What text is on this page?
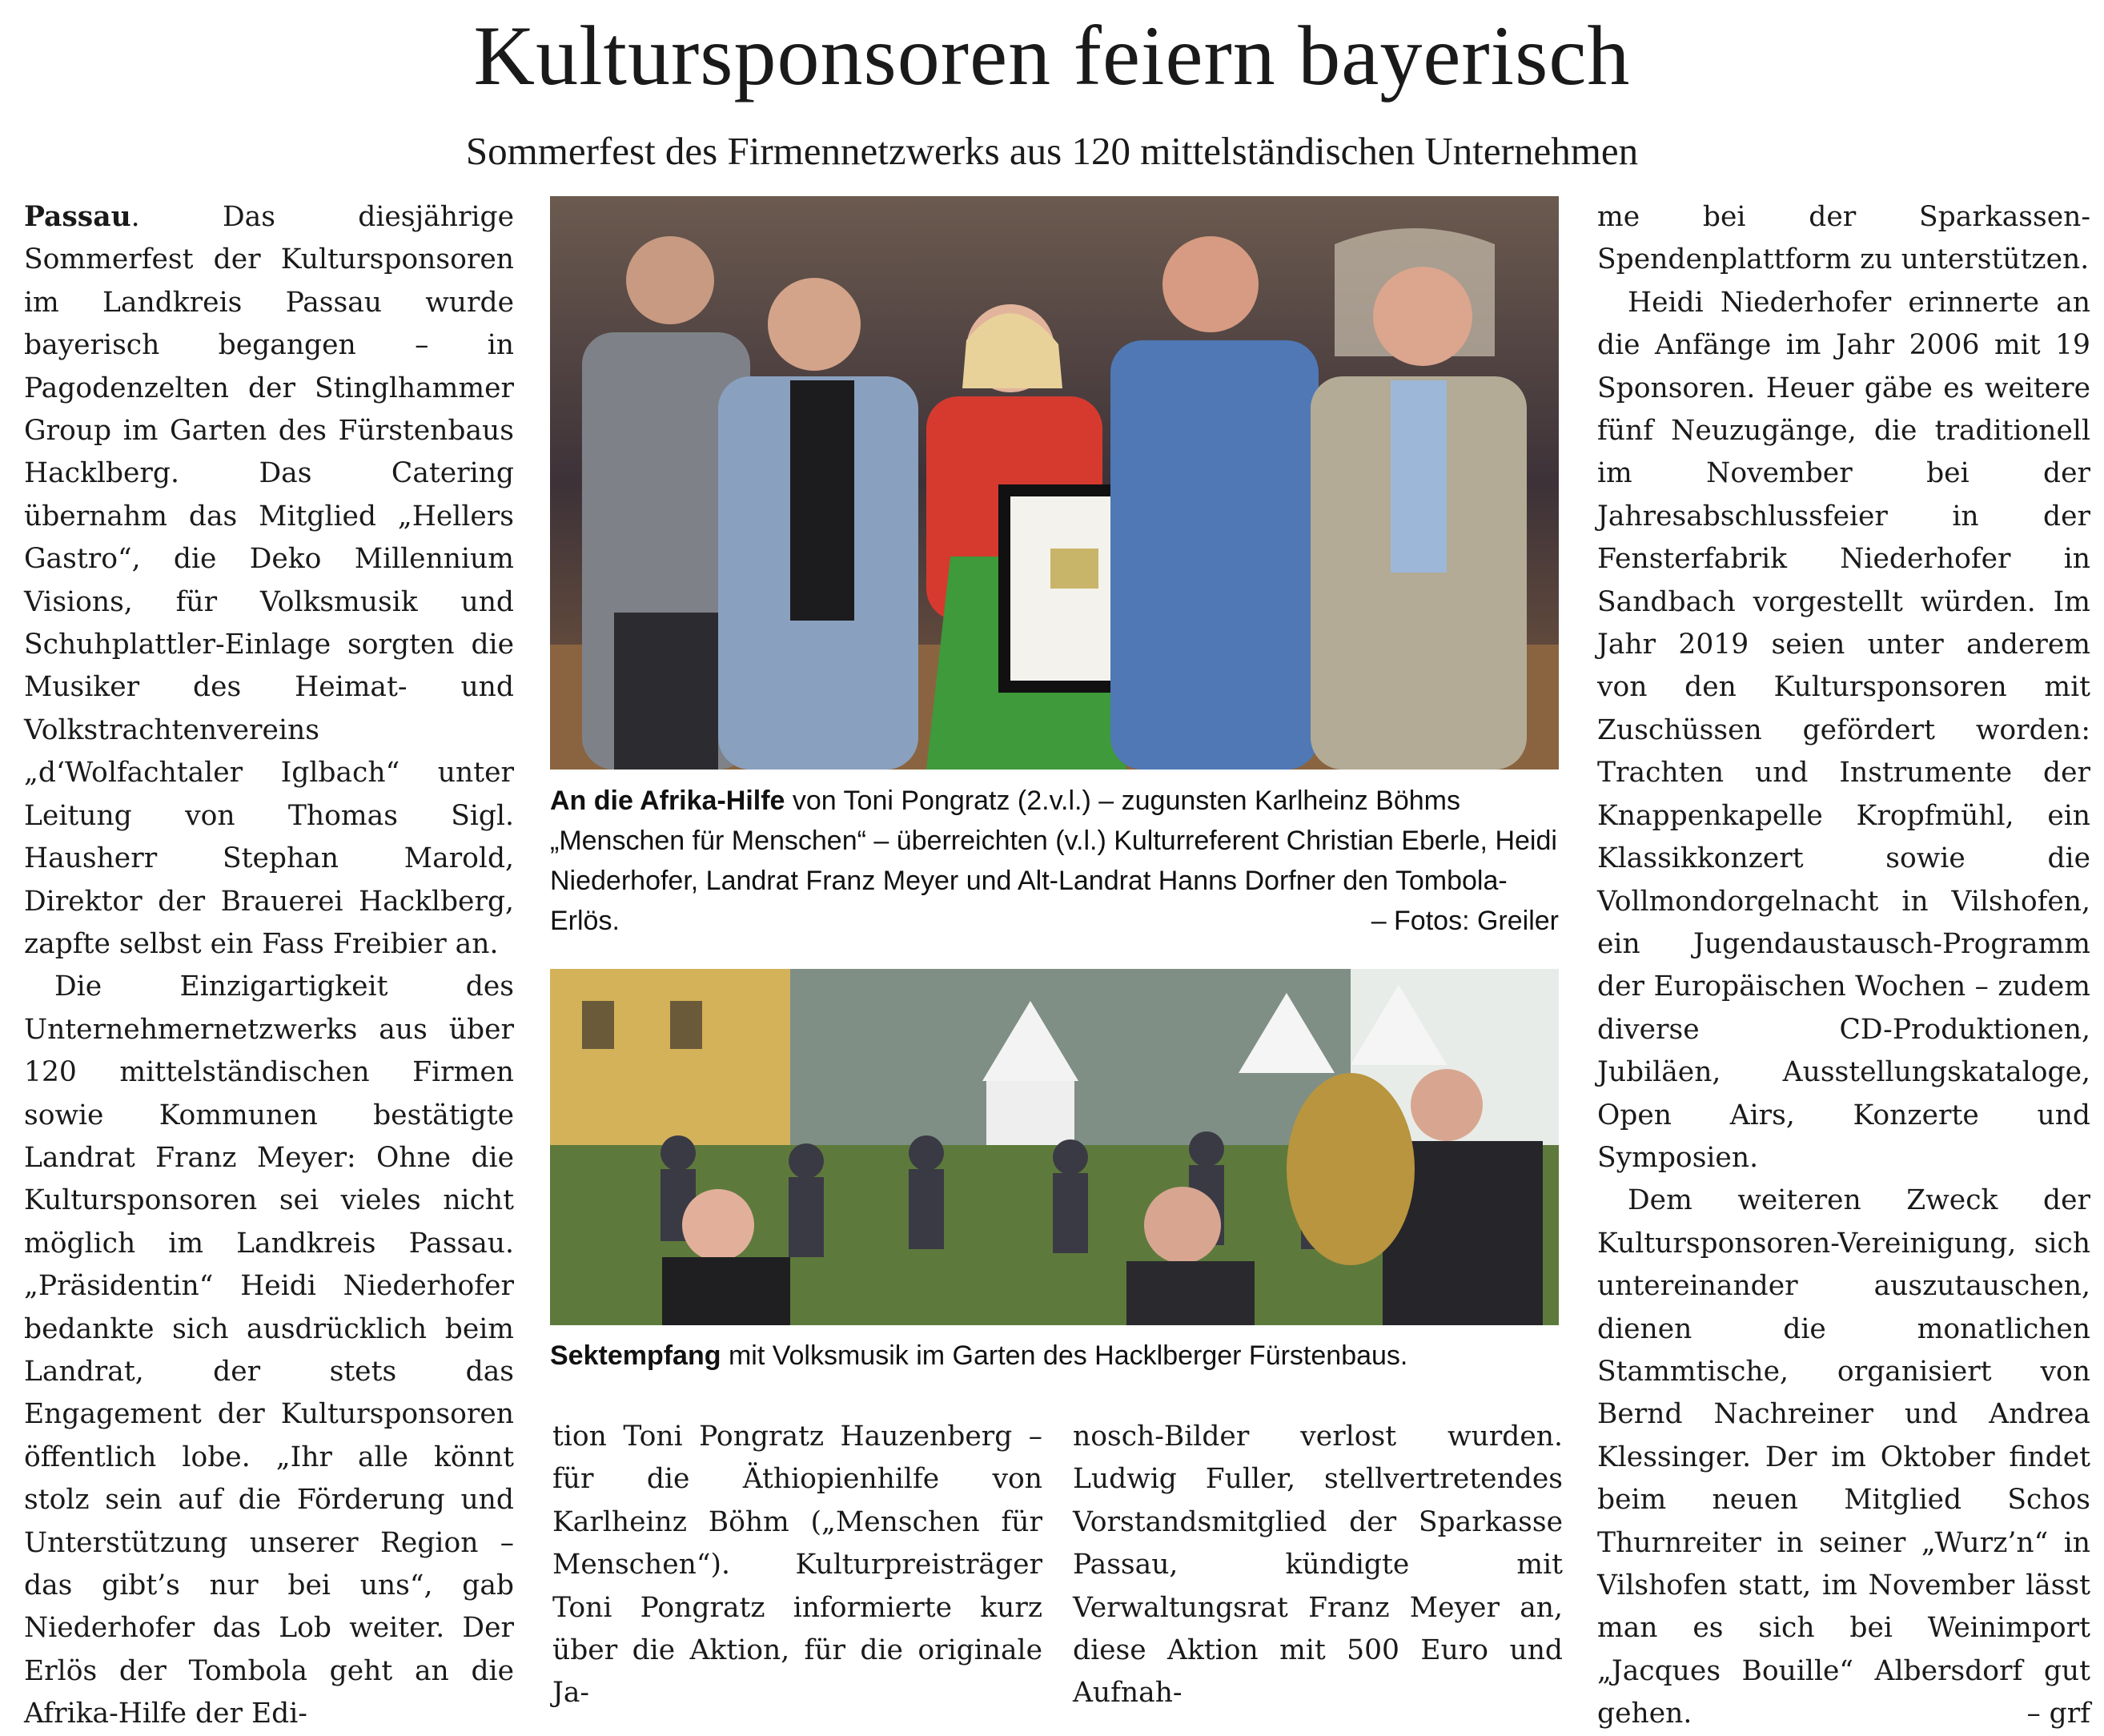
Kultursponsoren feiern bayerisch
Sommerfest des Firmennetzwerks aus 120 mittelständischen Unternehmen

Passau. Das diesjährige Sommerfest der Kultursponsoren im Landkreis Passau wurde bayerisch begangen – in Pagodenzelten der Stinglhammer Group im Garten des Fürstenbaus Hacklberg. Das Catering übernahm das Mitglied „Hellers Gastro“, die Deko Millennium Visions, für Volksmusik und Schuhplattler-Einlage sorgten die Musiker des Heimat- und Volkstrachtenvereins „d‘Wolfachtaler Iglbach“ unter Leitung von Thomas Sigl. Hausherr Stephan Marold, Direktor der Brauerei Hacklberg, zapfte selbst ein Fass Freibier an.

Die Einzigartigkeit des Unternehmernetzwerks aus über 120 mittelständischen Firmen sowie Kommunen bestätigte Landrat Franz Meyer: Ohne die Kultursponsoren sei vieles nicht möglich im Landkreis Passau. „Präsidentin“ Heidi Niederhofer bedankte sich ausdrücklich beim Landrat, der stets das Engagement der Kultursponsoren öffentlich lobe. „Ihr alle könnt stolz sein auf die Förderung und Unterstützung unserer Region – das gibt’s nur bei uns“, gab Niederhofer das Lob weiter. Der Erlös der Tombola geht an die Afrika-Hilfe der Edi-

An die Afrika-Hilfe von Toni Pongratz (2.v.l.) – zugunsten Karlheinz Böhms „Menschen für Menschen“ – überreichten (v.l.) Kulturreferent Christian Eberle, Heidi Niederhofer, Landrat Franz Meyer und Alt-Landrat Hanns Dorfner den Tombola-Erlös.	– Fotos: Greiler
Sektempfang mit Volksmusik im Garten des Hacklberger Fürstenbaus.

tion Toni Pongratz Hauzenberg – für die Äthiopienhilfe von Karlheinz Böhm („Menschen für Menschen“). Kulturpreisträger Toni Pongratz informierte kurz über die Aktion, für die originale Ja-

nosch-Bilder verlost wurden. Ludwig Fuller, stellvertretendes Vorstandsmitglied der Sparkasse Passau, kündigte mit Verwaltungsrat Franz Meyer an, diese Aktion mit 500 Euro und Aufnah-

me bei der Sparkassen-Spendenplattform zu unterstützen.

Heidi Niederhofer erinnerte an die Anfänge im Jahr 2006 mit 19 Sponsoren. Heuer gäbe es weitere fünf Neuzugänge, die traditionell im November bei der Jahresabschlussfeier in der Fensterfabrik Niederhofer in Sandbach vorgestellt würden. Im Jahr 2019 seien unter anderem von den Kultursponsoren mit Zuschüssen gefördert worden: Trachten und Instrumente der Knappenkapelle Kropfmühl, ein Klassikkonzert sowie die Vollmondorgelnacht in Vilshofen, ein Jugendaustausch-Programm der Europäischen Wochen – zudem diverse CD-Produktionen, Jubiläen, Ausstellungskataloge, Open Airs, Konzerte und Symposien.

Dem weiteren Zweck der Kultursponsoren-Vereinigung, sich untereinander auszutauschen, dienen die monatlichen Stammtische, organisiert von Bernd Nachreiner und Andrea Klessinger. Der im Oktober findet beim neuen Mitglied Schos Thurnreiter in seiner „Wurz’n“ in Vilshofen statt, im November lässt man es sich bei Weinimport „Jacques Bouille“ Albersdorf gut gehen.	– grf
